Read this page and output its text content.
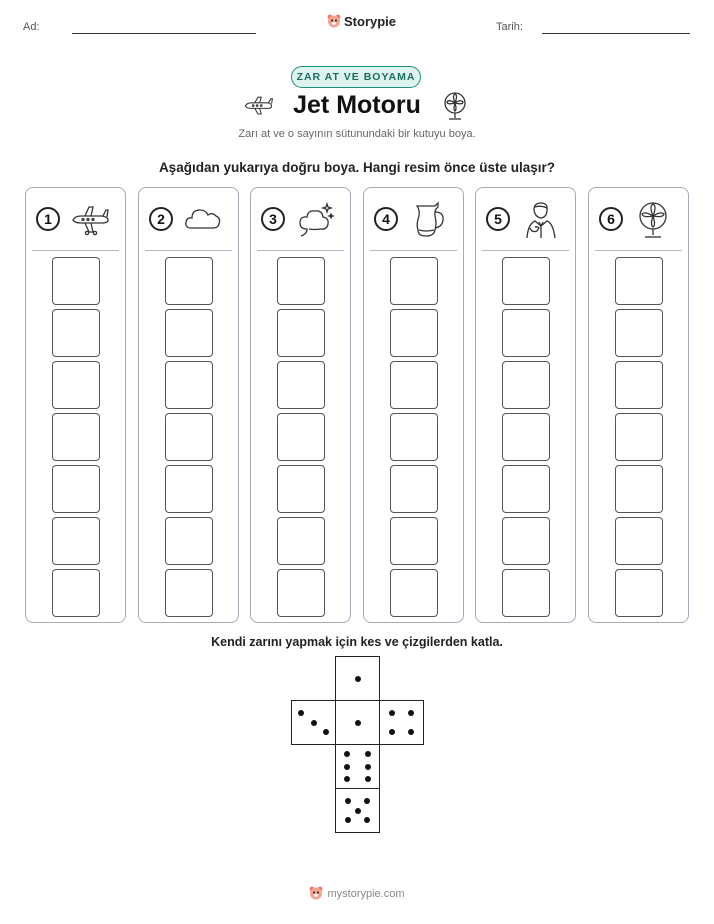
Ad:	Storypie	Tarih:
ZAR AT VE BOYAMA
Jet Motoru
Zarı at ve o sayının sütunundaki bir kutuyu boya.
Aşağıdan yukarıya doğru boya. Hangi resim önce üste ulaşır?
1	2	3	4	5	6
Kendi zarını yapmak için kes ve çizgilerden katla.
mystorypie.com
